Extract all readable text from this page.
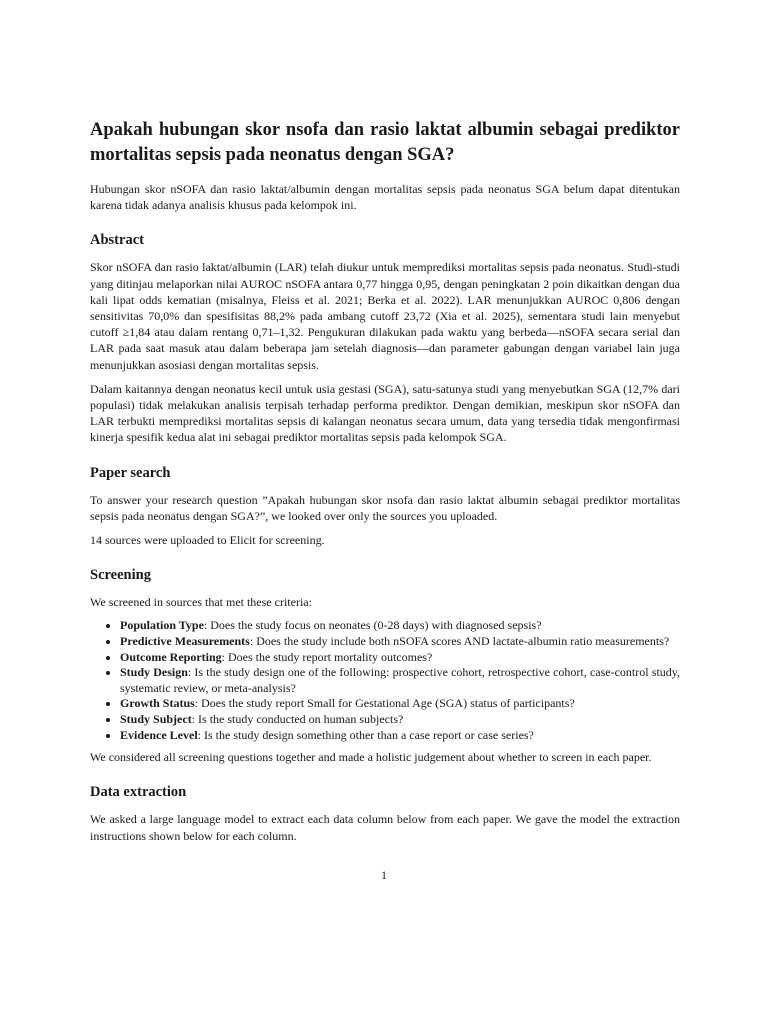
Apakah hubungan skor nsofa dan rasio laktat albumin sebagai prediktor mortalitas sepsis pada neonatus dengan SGA?

Hubungan skor nSOFA dan rasio laktat/albumin dengan mortalitas sepsis pada neonatus SGA belum dapat ditentukan karena tidak adanya analisis khusus pada kelompok ini.

Abstract

Skor nSOFA dan rasio laktat/albumin (LAR) telah diukur untuk memprediksi mortalitas sepsis pada neonatus. Studi-studi yang ditinjau melaporkan nilai AUROC nSOFA antara 0,77 hingga 0,95, dengan peningkatan 2 poin dikaitkan dengan dua kali lipat odds kematian (misalnya, Fleiss et al. 2021; Berka et al. 2022). LAR menunjukkan AUROC 0,806 dengan sensitivitas 70,0% dan spesifisitas 88,2% pada ambang cutoff 23,72 (Xia et al. 2025), sementara studi lain menyebut cutoff ≥1,84 atau dalam rentang 0,71–1,32. Pengukuran dilakukan pada waktu yang berbeda—nSOFA secara serial dan LAR pada saat masuk atau dalam beberapa jam setelah diagnosis—dan parameter gabungan dengan variabel lain juga menunjukkan asosiasi dengan mortalitas sepsis.

Dalam kaitannya dengan neonatus kecil untuk usia gestasi (SGA), satu-satunya studi yang menyebutkan SGA (12,7% dari populasi) tidak melakukan analisis terpisah terhadap performa prediktor. Dengan demikian, meskipun skor nSOFA dan LAR terbukti memprediksi mortalitas sepsis di kalangan neonatus secara umum, data yang tersedia tidak mengonfirmasi kinerja spesifik kedua alat ini sebagai prediktor mortalitas sepsis pada kelompok SGA.

Paper search

To answer your research question ”Apakah hubungan skor nsofa dan rasio laktat albumin sebagai prediktor mortalitas sepsis pada neonatus dengan SGA?”, we looked over only the sources you uploaded.

14 sources were uploaded to Elicit for screening.

Screening

We screened in sources that met these criteria:

• Population Type: Does the study focus on neonates (0-28 days) with diagnosed sepsis?
• Predictive Measurements: Does the study include both nSOFA scores AND lactate-albumin ratio measurements?
• Outcome Reporting: Does the study report mortality outcomes?
• Study Design: Is the study design one of the following: prospective cohort, retrospective cohort, case-control study, systematic review, or meta-analysis?
• Growth Status: Does the study report Small for Gestational Age (SGA) status of participants?
• Study Subject: Is the study conducted on human subjects?
• Evidence Level: Is the study design something other than a case report or case series?

We considered all screening questions together and made a holistic judgement about whether to screen in each paper.

Data extraction

We asked a large language model to extract each data column below from each paper. We gave the model the extraction instructions shown below for each column.

1
